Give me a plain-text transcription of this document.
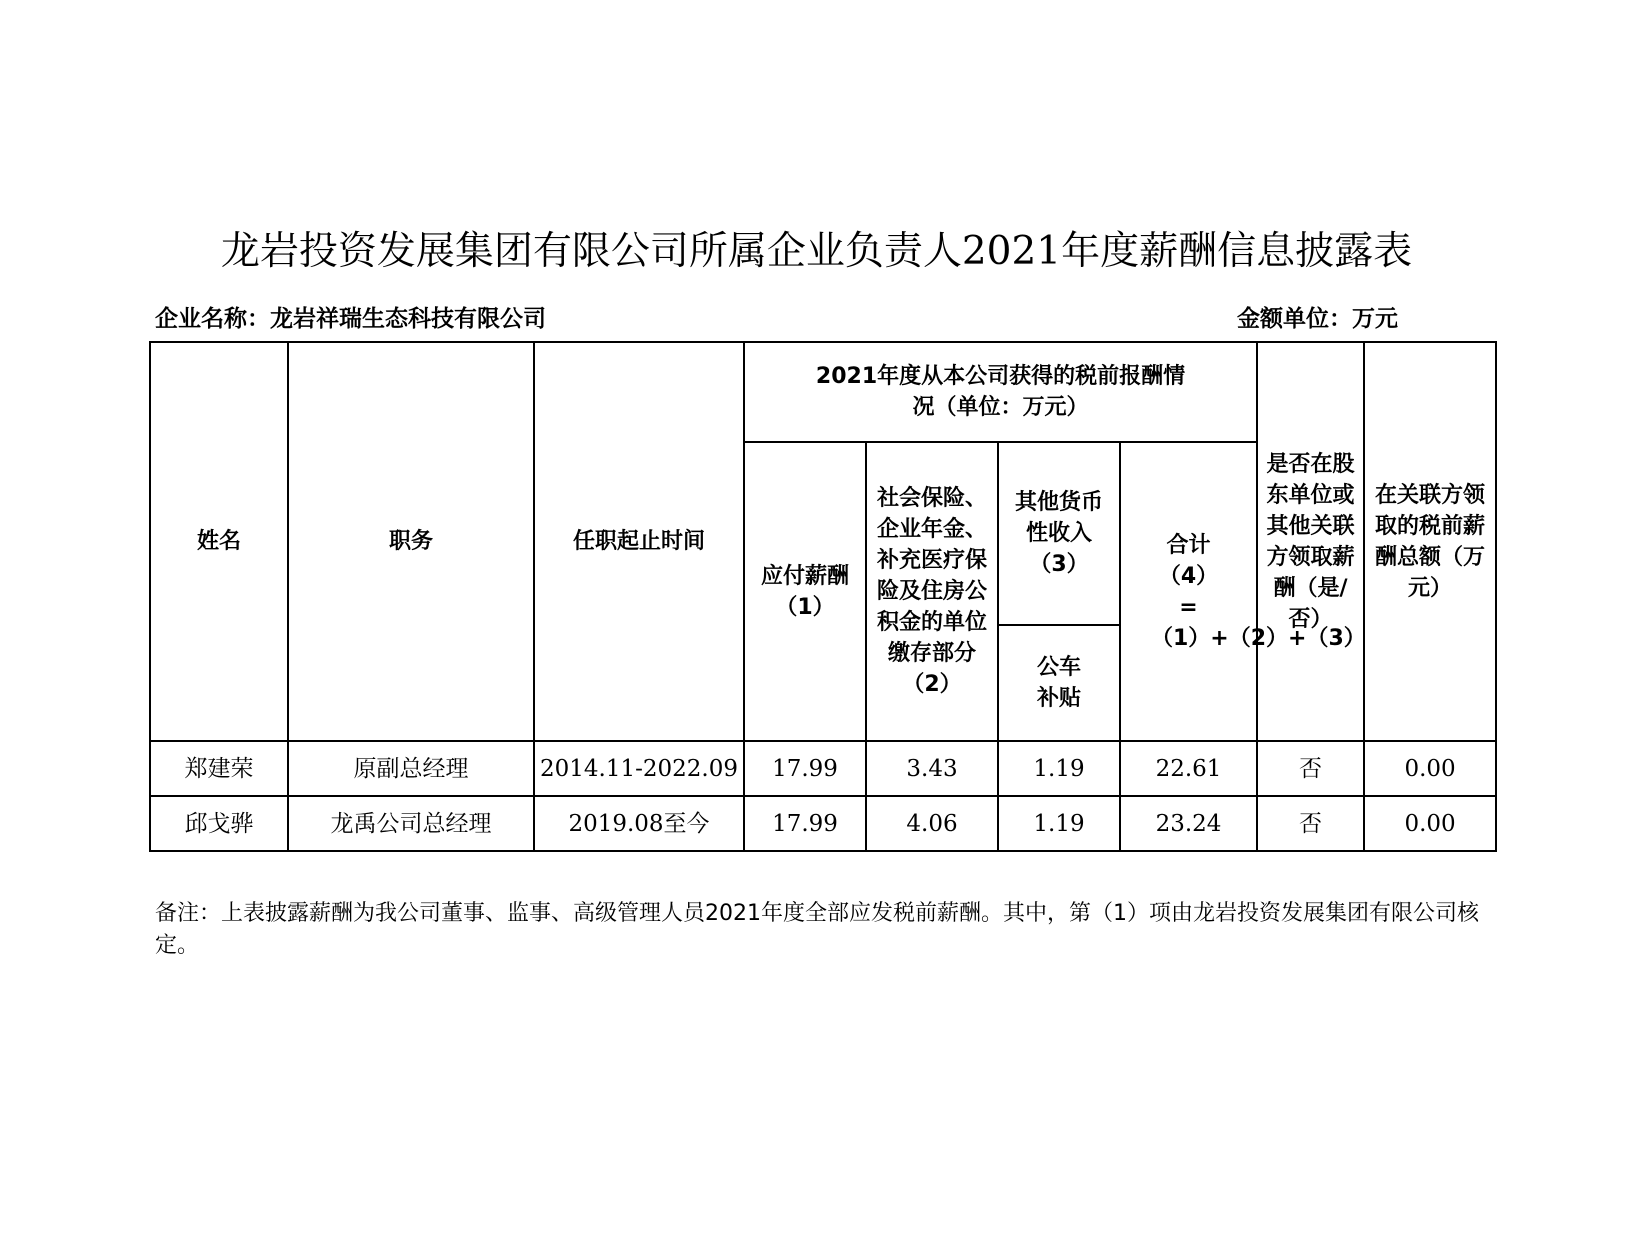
龙岩投资发展集团有限公司所属企业负责人2021年度薪酬信息披露表
企业名称：龙岩祥瑞生态科技有限公司	金额单位：万元
姓名	职务	任职起止时间	2021年度从本公司获得的税前报酬情况（单位：万元）				是否在股东单位或其他关联方领取薪酬（是/否）	在关联方领取的税前薪酬总额（万元）
			应付薪酬（1）	社会保险、企业年金、补充医疗保险及住房公积金的单位缴存部分（2）	其他货币性收入（3）	合计（4）=（1）+（2）+（3）		
					公车补贴			
郑建荣	原副总经理	2014.11-2022.09	17.99	3.43	1.19	22.61	否	0.00
邱戈骅	龙禹公司总经理	2019.08至今	17.99	4.06	1.19	23.24	否	0.00
备注：上表披露薪酬为我公司董事、监事、高级管理人员2021年度全部应发税前薪酬。其中，第（1）项由龙岩投资发展集团有限公司核定。
